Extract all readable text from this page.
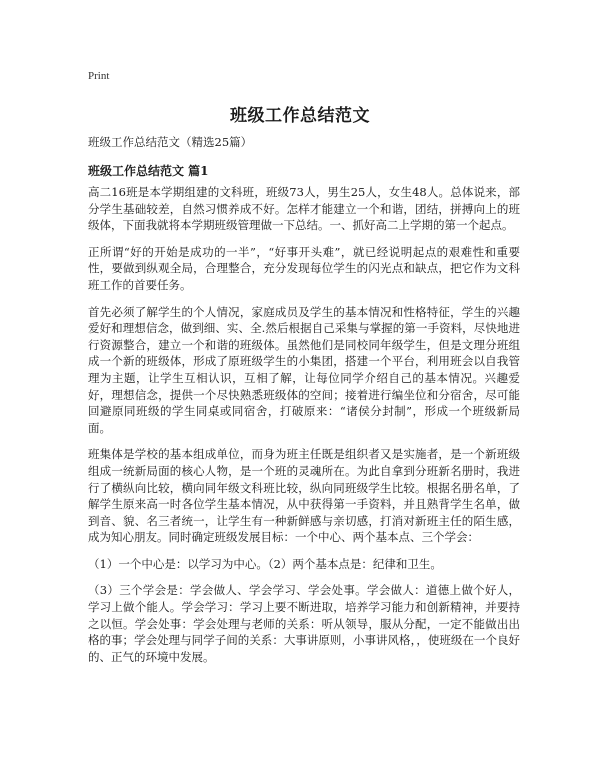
Print
班级工作总结范文
班级工作总结范文（精选25篇）
班级工作总结范文 篇1

高二16班是本学期组建的文科班，班级73人，男生25人，女生48人。总体说来，部分学生基础较差，自然习惯养成不好。怎样才能建立一个和谐，团结，拼搏向上的班级体，下面我就将本学期班级管理做一下总结。一、抓好高二上学期的第一个起点。

正所谓“好的开始是成功的一半”，“好事开头难”，就已经说明起点的艰难性和重要性，要做到纵观全局，合理整合，充分发现每位学生的闪光点和缺点，把它作为文科班工作的首要任务。

首先必须了解学生的个人情况，家庭成员及学生的基本情况和性格特征，学生的兴趣爱好和理想信念，做到细、实、全.然后根据自己采集与掌握的第一手资料，尽快地进行资源整合，建立一个和谐的班级体。虽然他们是同校同年级学生，但是文理分班组成一个新的班级体，形成了原班级学生的小集团，搭建一个平台，利用班会以自我管理为主题，让学生互相认识，互相了解，让每位同学介绍自己的基本情况。兴趣爱好，理想信念，提供一个尽快熟悉班级体的空间；接着进行编坐位和分宿舍，尽可能回避原同班级的学生同桌或同宿舍，打破原来：“诸侯分封制”，形成一个班级新局面。

班集体是学校的基本组成单位，而身为班主任既是组织者又是实施者，是一个新班级组成一统新局面的核心人物，是一个班的灵魂所在。为此自拿到分班新名册时，我进行了横纵向比较，横向同年级文科班比较，纵向同班级学生比较。根据名册名单，了解学生原来高一时各位学生基本情况，从中获得第一手资料，并且熟背学生名单，做到音、貌、名三者统一，让学生有一种新鲜感与亲切感，打消对新班主任的陌生感，成为知心朋友。同时确定班级发展目标：一个中心、两个基本点、三个学会：

（1）一个中心是：以学习为中心。（2）两个基本点是：纪律和卫生。

（3）三个学会是：学会做人、学会学习、学会处事。学会做人：道德上做个好人，学习上做个能人。学会学习：学习上要不断进取，培养学习能力和创新精神，并要持之以恒。学会处事：学会处理与老师的关系：听从领导，服从分配，一定不能做出出格的事；学会处理与同学子间的关系：大事讲原则，小事讲风格，，使班级在一个良好的、正气的环境中发展。
